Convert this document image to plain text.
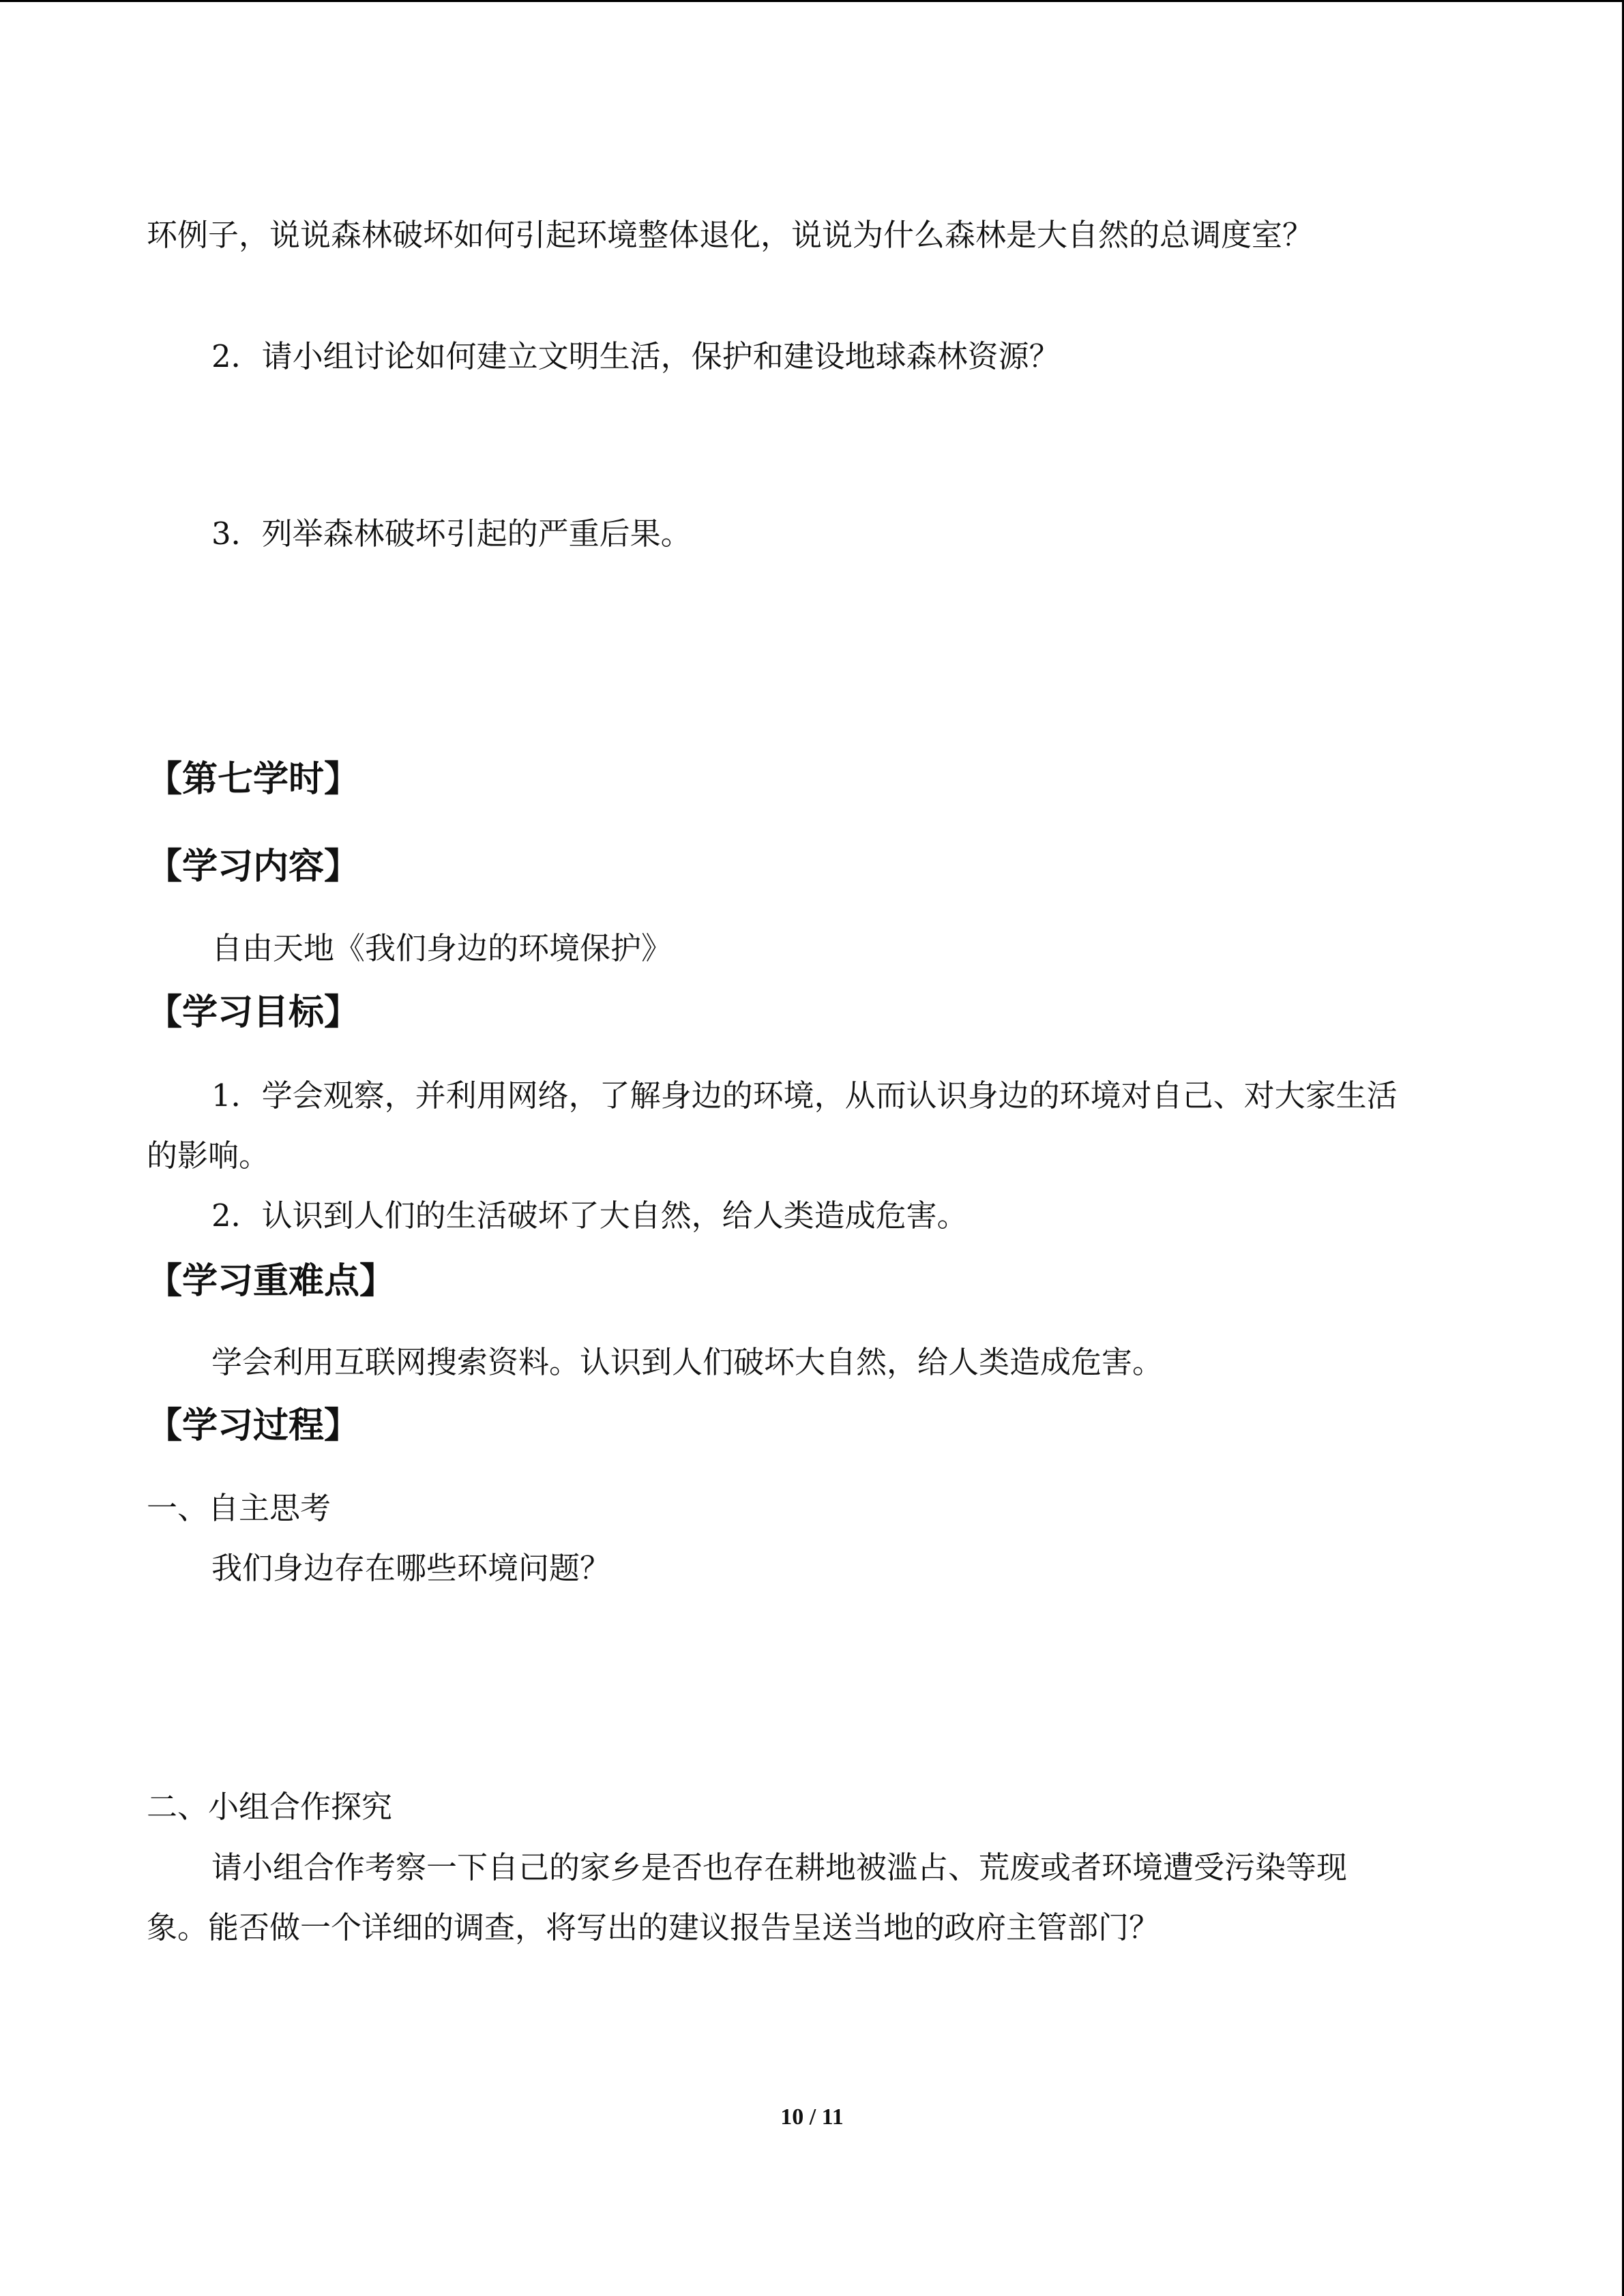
环例子，说说森林破坏如何引起环境整体退化，说说为什么森林是大自然的总调度室？
2．请小组讨论如何建立文明生活，保护和建设地球森林资源？
3．列举森林破坏引起的严重后果。
【第七学时】
【学习内容】
自由天地《我们身边的环境保护》
【学习目标】
1．学会观察，并利用网络，了解身边的环境，从而认识身边的环境对自己、对大家生活
的影响。
2．认识到人们的生活破坏了大自然，给人类造成危害。
【学习重难点】
学会利用互联网搜索资料。认识到人们破坏大自然，给人类造成危害。
【学习过程】
一、自主思考
我们身边存在哪些环境问题？
二、小组合作探究
请小组合作考察一下自己的家乡是否也存在耕地被滥占、荒废或者环境遭受污染等现
象。能否做一个详细的调查，将写出的建议报告呈送当地的政府主管部门？
10 / 11
